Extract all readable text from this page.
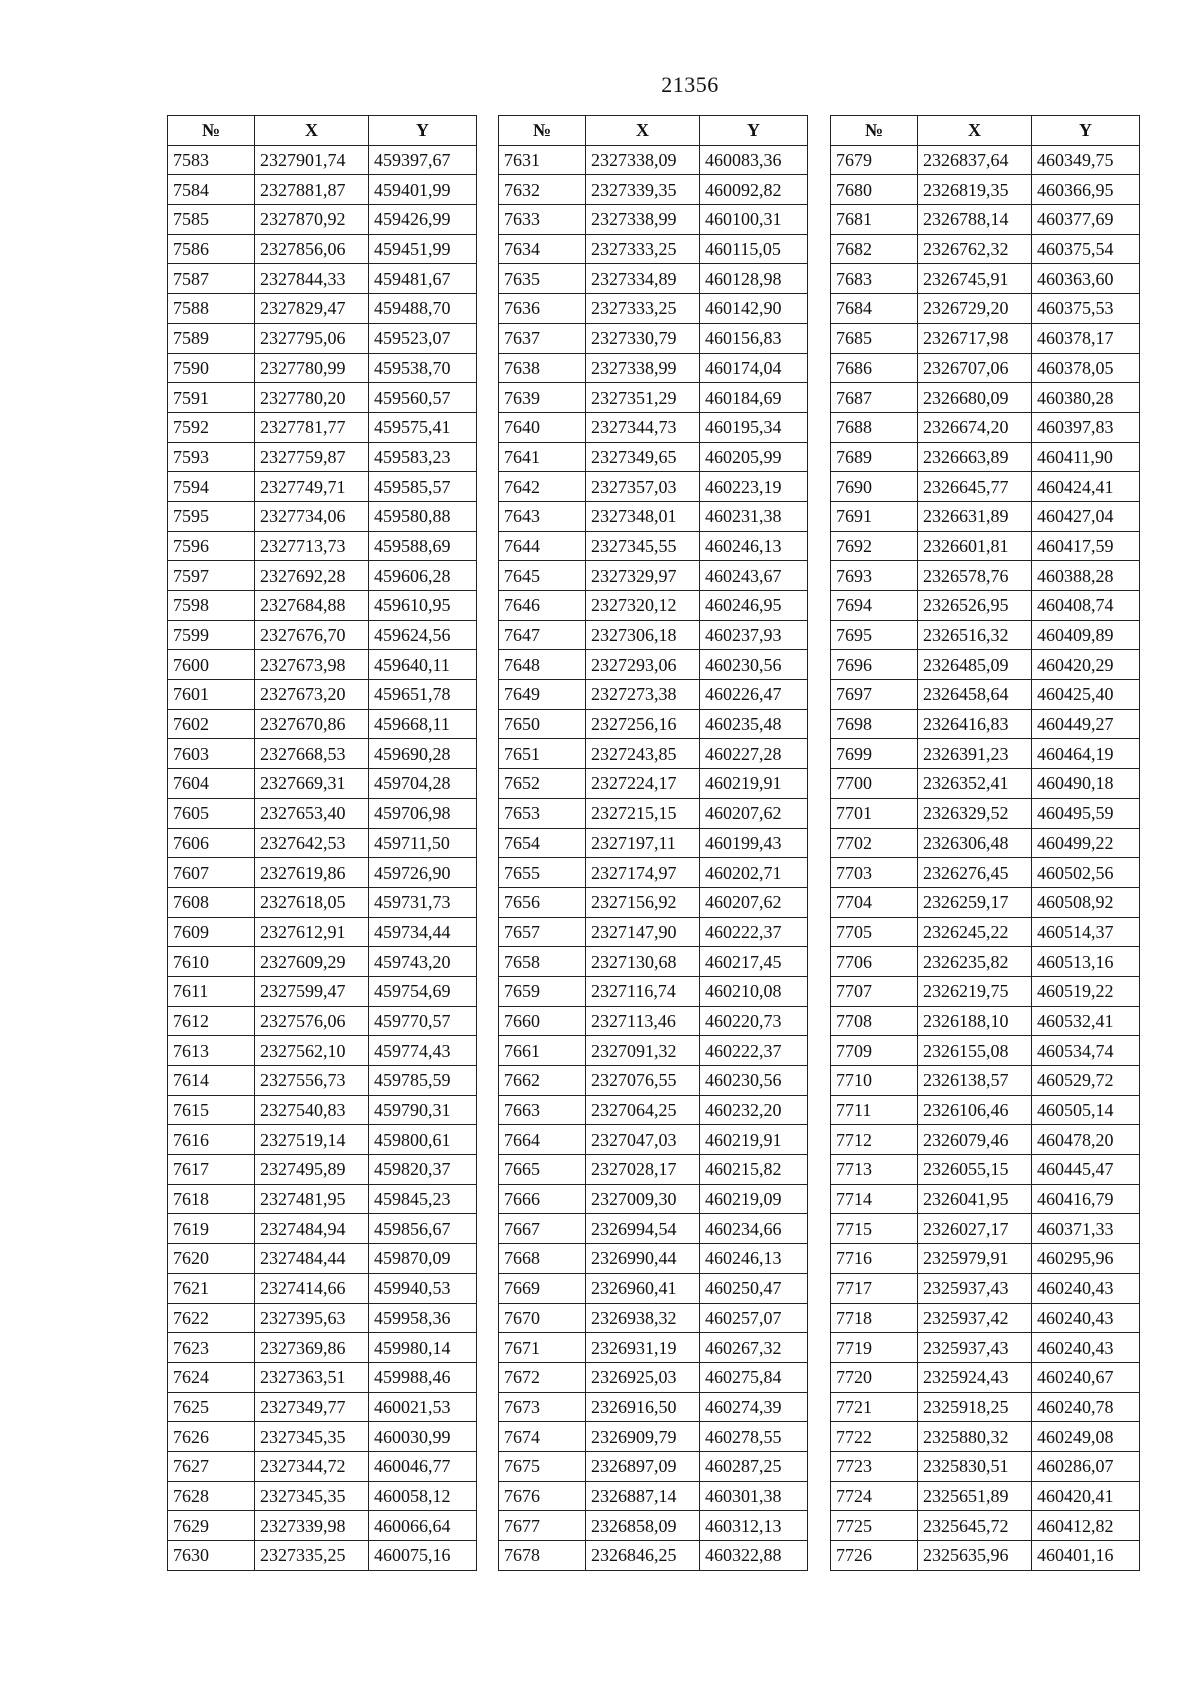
21356
№	X	Y
7583	2327901,74	459397,67
7584	2327881,87	459401,99
7585	2327870,92	459426,99
7586	2327856,06	459451,99
7587	2327844,33	459481,67
7588	2327829,47	459488,70
7589	2327795,06	459523,07
7590	2327780,99	459538,70
7591	2327780,20	459560,57
7592	2327781,77	459575,41
7593	2327759,87	459583,23
7594	2327749,71	459585,57
7595	2327734,06	459580,88
7596	2327713,73	459588,69
7597	2327692,28	459606,28
7598	2327684,88	459610,95
7599	2327676,70	459624,56
7600	2327673,98	459640,11
7601	2327673,20	459651,78
7602	2327670,86	459668,11
7603	2327668,53	459690,28
7604	2327669,31	459704,28
7605	2327653,40	459706,98
7606	2327642,53	459711,50
7607	2327619,86	459726,90
7608	2327618,05	459731,73
7609	2327612,91	459734,44
7610	2327609,29	459743,20
7611	2327599,47	459754,69
7612	2327576,06	459770,57
7613	2327562,10	459774,43
7614	2327556,73	459785,59
7615	2327540,83	459790,31
7616	2327519,14	459800,61
7617	2327495,89	459820,37
7618	2327481,95	459845,23
7619	2327484,94	459856,67
7620	2327484,44	459870,09
7621	2327414,66	459940,53
7622	2327395,63	459958,36
7623	2327369,86	459980,14
7624	2327363,51	459988,46
7625	2327349,77	460021,53
7626	2327345,35	460030,99
7627	2327344,72	460046,77
7628	2327345,35	460058,12
7629	2327339,98	460066,64
7630	2327335,25	460075,16
№	X	Y
7631	2327338,09	460083,36
7632	2327339,35	460092,82
7633	2327338,99	460100,31
7634	2327333,25	460115,05
7635	2327334,89	460128,98
7636	2327333,25	460142,90
7637	2327330,79	460156,83
7638	2327338,99	460174,04
7639	2327351,29	460184,69
7640	2327344,73	460195,34
7641	2327349,65	460205,99
7642	2327357,03	460223,19
7643	2327348,01	460231,38
7644	2327345,55	460246,13
7645	2327329,97	460243,67
7646	2327320,12	460246,95
7647	2327306,18	460237,93
7648	2327293,06	460230,56
7649	2327273,38	460226,47
7650	2327256,16	460235,48
7651	2327243,85	460227,28
7652	2327224,17	460219,91
7653	2327215,15	460207,62
7654	2327197,11	460199,43
7655	2327174,97	460202,71
7656	2327156,92	460207,62
7657	2327147,90	460222,37
7658	2327130,68	460217,45
7659	2327116,74	460210,08
7660	2327113,46	460220,73
7661	2327091,32	460222,37
7662	2327076,55	460230,56
7663	2327064,25	460232,20
7664	2327047,03	460219,91
7665	2327028,17	460215,82
7666	2327009,30	460219,09
7667	2326994,54	460234,66
7668	2326990,44	460246,13
7669	2326960,41	460250,47
7670	2326938,32	460257,07
7671	2326931,19	460267,32
7672	2326925,03	460275,84
7673	2326916,50	460274,39
7674	2326909,79	460278,55
7675	2326897,09	460287,25
7676	2326887,14	460301,38
7677	2326858,09	460312,13
7678	2326846,25	460322,88
№	X	Y
7679	2326837,64	460349,75
7680	2326819,35	460366,95
7681	2326788,14	460377,69
7682	2326762,32	460375,54
7683	2326745,91	460363,60
7684	2326729,20	460375,53
7685	2326717,98	460378,17
7686	2326707,06	460378,05
7687	2326680,09	460380,28
7688	2326674,20	460397,83
7689	2326663,89	460411,90
7690	2326645,77	460424,41
7691	2326631,89	460427,04
7692	2326601,81	460417,59
7693	2326578,76	460388,28
7694	2326526,95	460408,74
7695	2326516,32	460409,89
7696	2326485,09	460420,29
7697	2326458,64	460425,40
7698	2326416,83	460449,27
7699	2326391,23	460464,19
7700	2326352,41	460490,18
7701	2326329,52	460495,59
7702	2326306,48	460499,22
7703	2326276,45	460502,56
7704	2326259,17	460508,92
7705	2326245,22	460514,37
7706	2326235,82	460513,16
7707	2326219,75	460519,22
7708	2326188,10	460532,41
7709	2326155,08	460534,74
7710	2326138,57	460529,72
7711	2326106,46	460505,14
7712	2326079,46	460478,20
7713	2326055,15	460445,47
7714	2326041,95	460416,79
7715	2326027,17	460371,33
7716	2325979,91	460295,96
7717	2325937,43	460240,43
7718	2325937,42	460240,43
7719	2325937,43	460240,43
7720	2325924,43	460240,67
7721	2325918,25	460240,78
7722	2325880,32	460249,08
7723	2325830,51	460286,07
7724	2325651,89	460420,41
7725	2325645,72	460412,82
7726	2325635,96	460401,16
